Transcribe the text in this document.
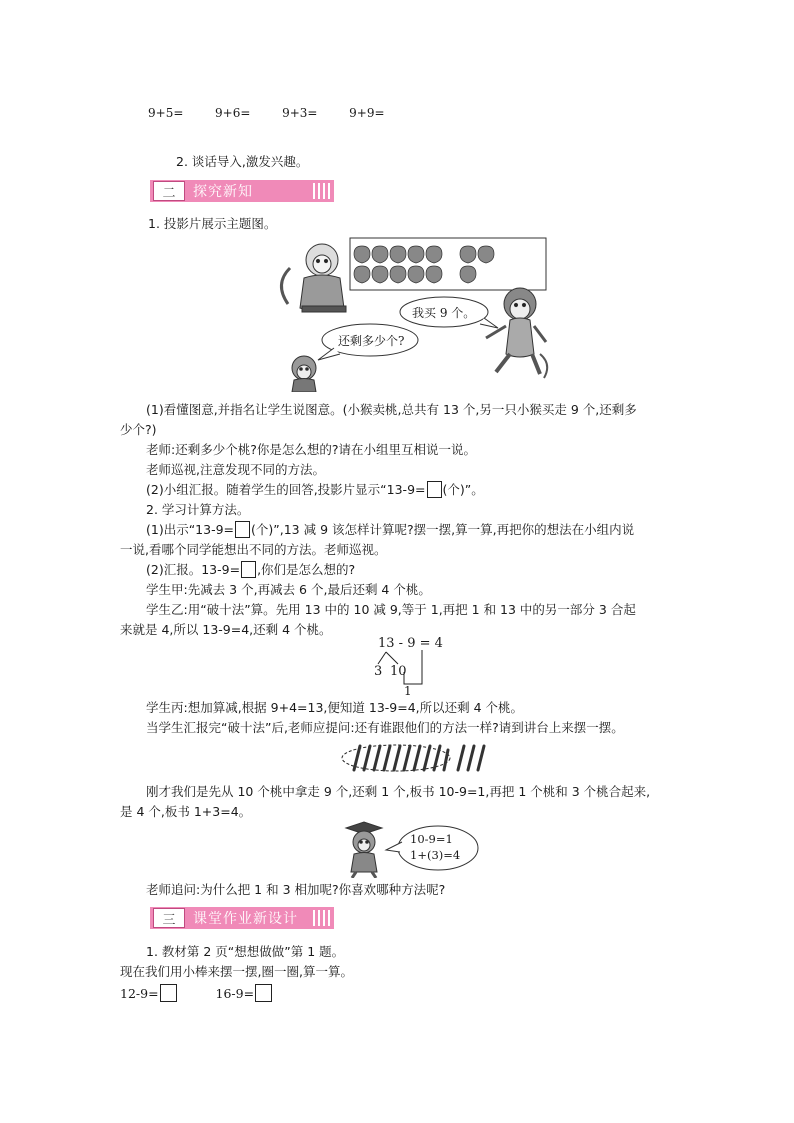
9+5=	9+6=	9+3=	9+9=
2. 谈话导入,激发兴趣。
二	探究新知
1. 投影片展示主题图。
我买 9 个。
还剩多少个?
(1)看懂图意,并指名让学生说图意。(小猴卖桃,总共有 13 个,另一只小猴买走 9 个,还剩多
少个?)
老师:还剩多少个桃?你是怎么想的?请在小组里互相说一说。
老师巡视,注意发现不同的方法。
(2)小组汇报。随着学生的回答,投影片显示“13-9= (个)”。
2. 学习计算方法。
(1)出示“13-9= (个)”,13 减 9 该怎样计算呢?摆一摆,算一算,再把你的想法在小组内说
一说,看哪个同学能想出不同的方法。老师巡视。
(2)汇报。13-9= ,你们是怎么想的?
学生甲:先减去 3 个,再减去 6 个,最后还剩 4 个桃。
学生乙:用“破十法”算。先用 13 中的 10 减 9,等于 1,再把 1 和 13 中的另一部分 3 合起
来就是 4,所以 13-9=4,还剩 4 个桃。
13 - 9 = 4
3 10
1
学生丙:想加算减,根据 9+4=13,便知道 13-9=4,所以还剩 4 个桃。
当学生汇报完“破十法”后,老师应提问:还有谁跟他们的方法一样?请到讲台上来摆一摆。
刚才我们是先从 10 个桃中拿走 9 个,还剩 1 个,板书 10-9=1,再把 1 个桃和 3 个桃合起来,
是 4 个,板书 1+3=4。
10-9=1
1+(3)=4
老师追问:为什么把 1 和 3 相加呢?你喜欢哪种方法呢?
三	课堂作业新设计
1. 教材第 2 页“想想做做”第 1 题。
现在我们用小棒来摆一摆,圈一圈,算一算。
12-9=	16-9=
